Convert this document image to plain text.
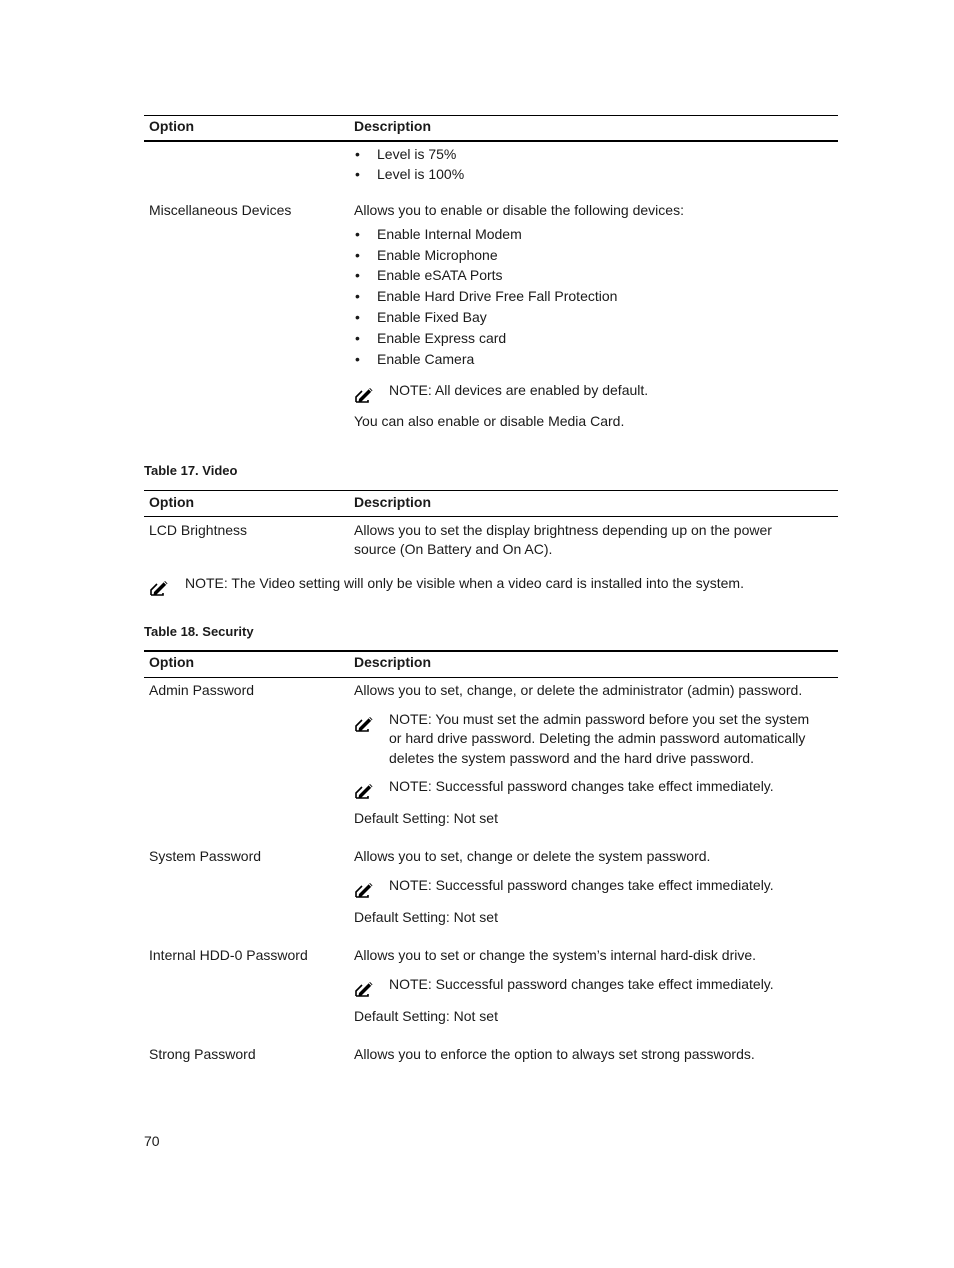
Option	Description
• Level is 75%
• Level is 100%
Miscellaneous Devices	Allows you to enable or disable the following devices:
• Enable Internal Modem
• Enable Microphone
• Enable eSATA Ports
• Enable Hard Drive Free Fall Protection
• Enable Fixed Bay
• Enable Express card
• Enable Camera
NOTE: All devices are enabled by default.
You can also enable or disable Media Card.
Table 17. Video
Option	Description
LCD Brightness	Allows you to set the display brightness depending up on the power
source (On Battery and On AC).
NOTE: The Video setting will only be visible when a video card is installed into the system.
Table 18. Security
Option	Description
Admin Password	Allows you to set, change, or delete the administrator (admin) password.
NOTE: You must set the admin password before you set the system
or hard drive password. Deleting the admin password automatically
deletes the system password and the hard drive password.
NOTE: Successful password changes take effect immediately.
Default Setting: Not set
System Password	Allows you to set, change or delete the system password.
NOTE: Successful password changes take effect immediately.
Default Setting: Not set
Internal HDD-0 Password	Allows you to set or change the system’s internal hard-disk drive.
NOTE: Successful password changes take effect immediately.
Default Setting: Not set
Strong Password	Allows you to enforce the option to always set strong passwords.
70
